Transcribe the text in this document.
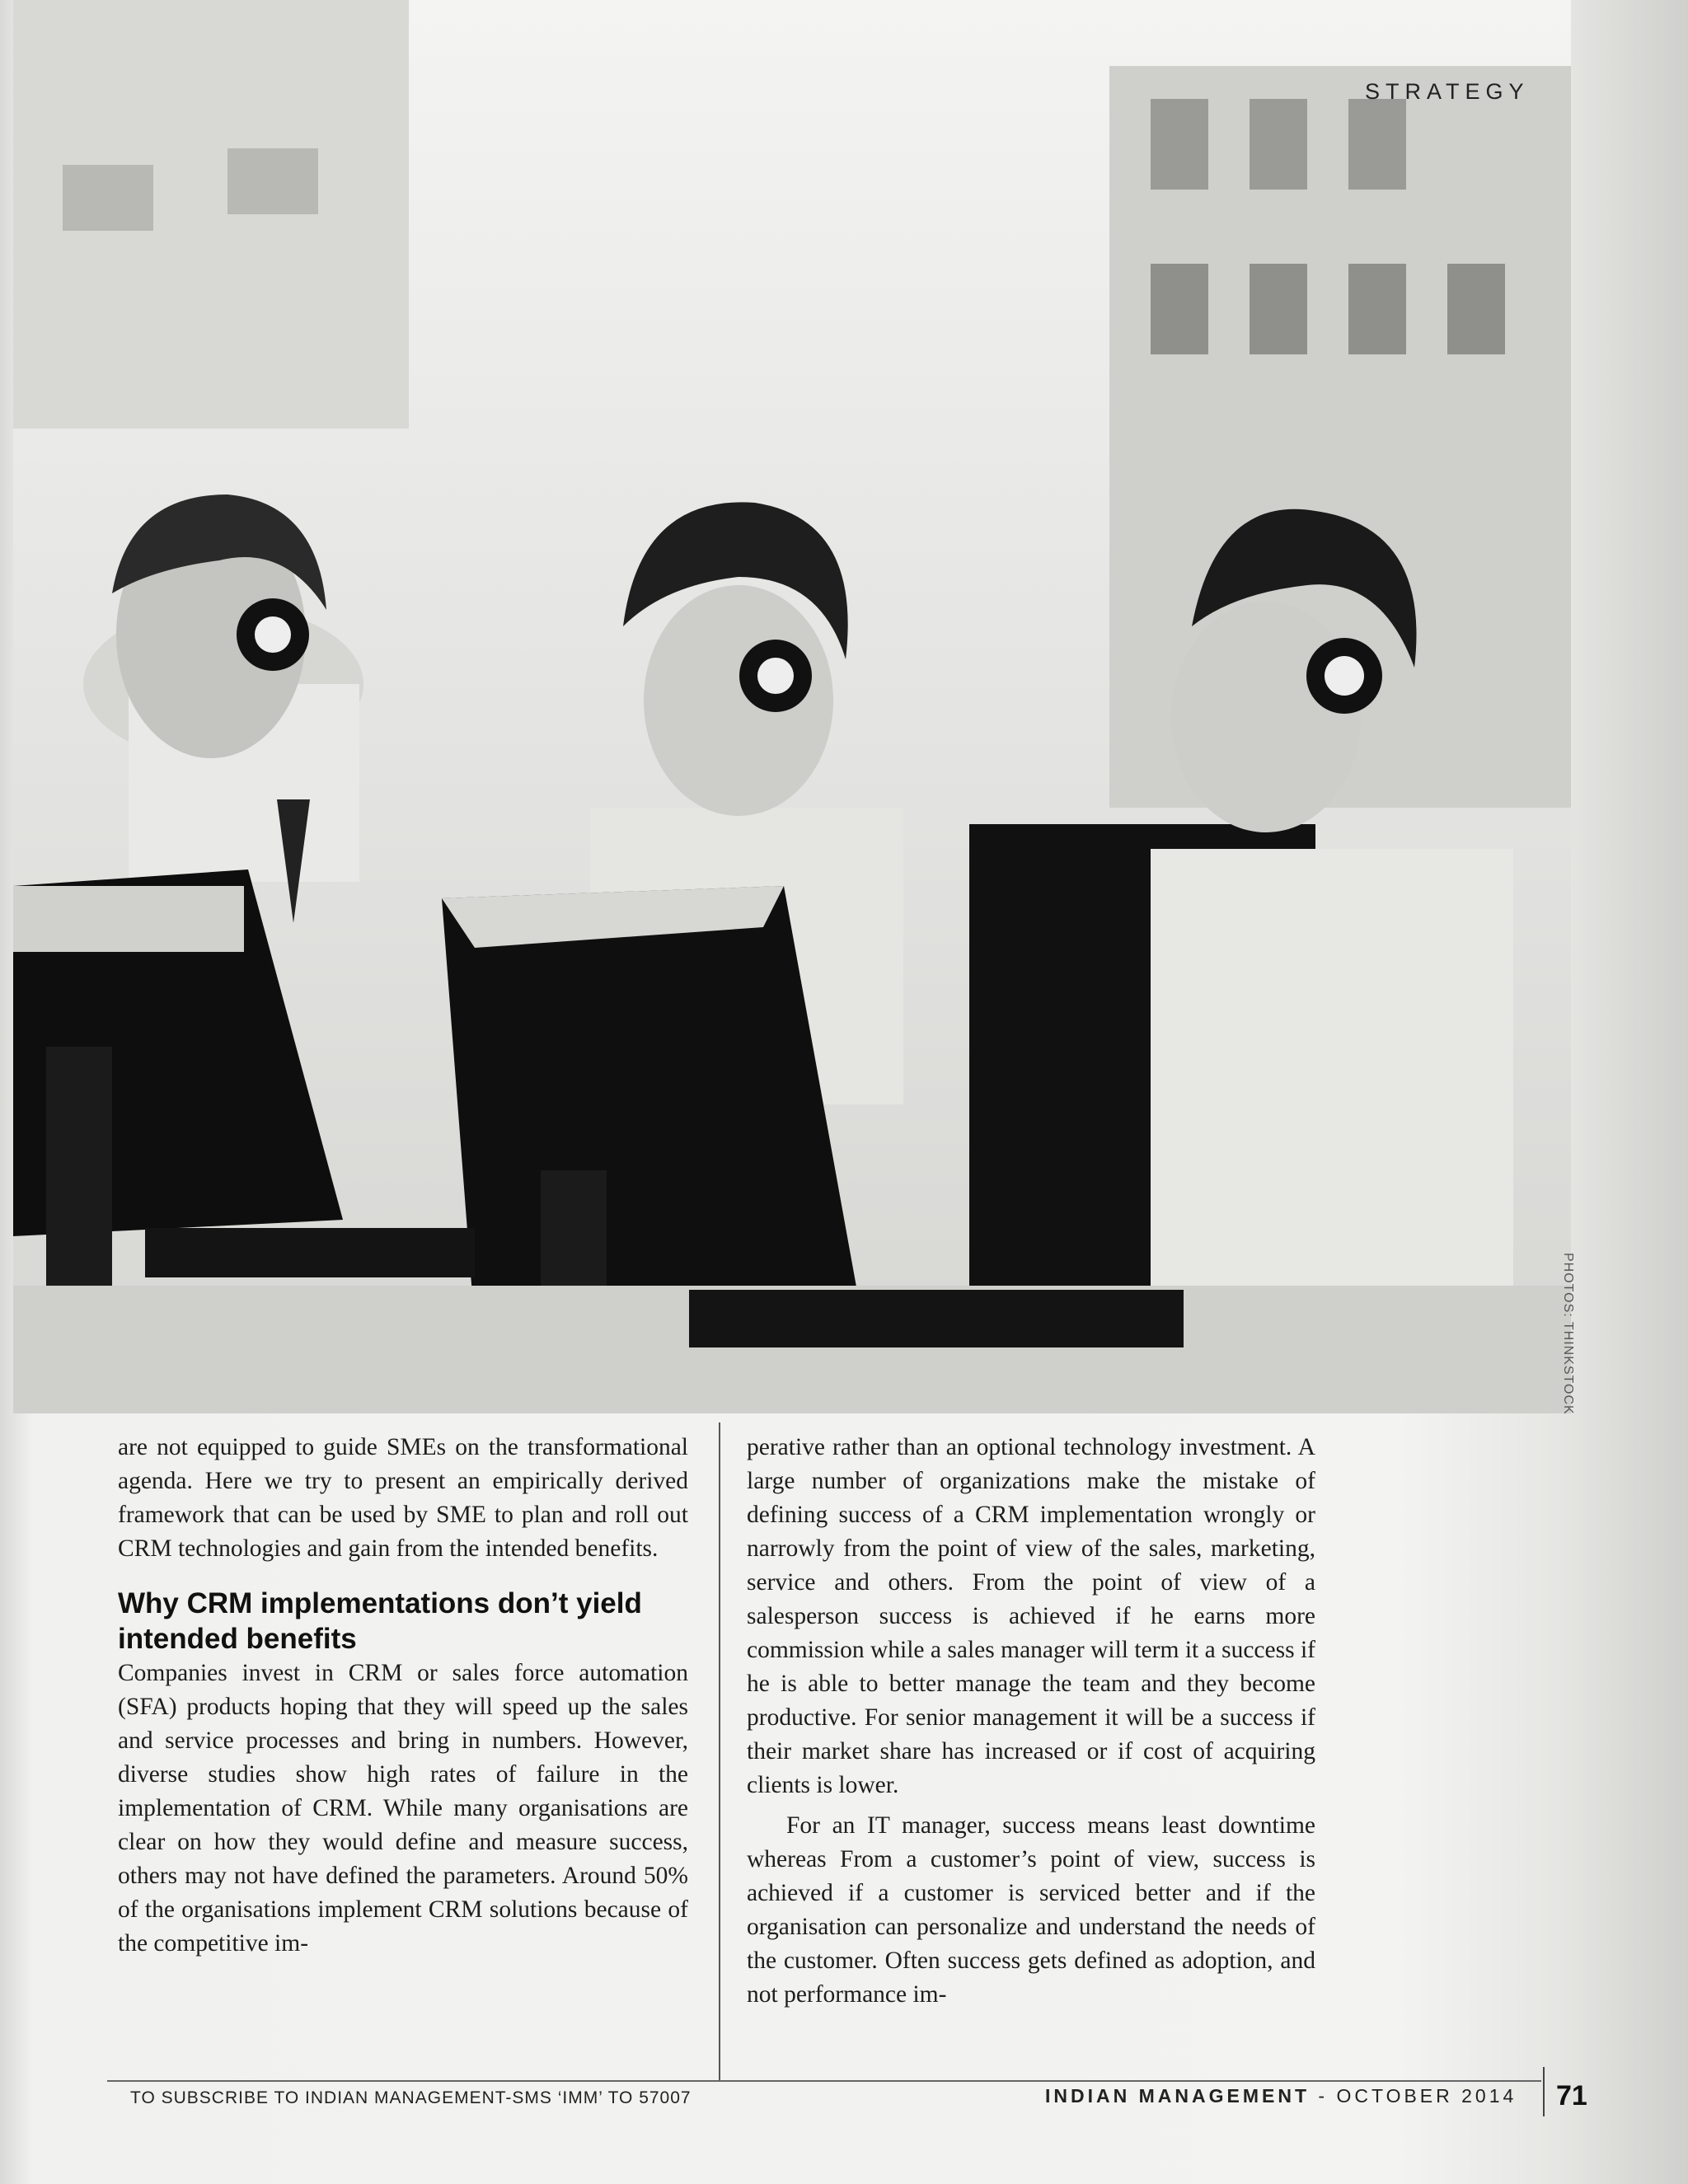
STRATEGY
PHOTOS: THINKSTOCK

are not equipped to guide SMEs on the transformational agenda. Here we try to present an empirically derived framework that can be used by SME to plan and roll out CRM technologies and gain from the intended benefits.

Why CRM implementations don’t yield intended benefits

Companies invest in CRM or sales force automation (SFA) products hoping that they will speed up the sales and service processes and bring in numbers. However, diverse studies show high rates of failure in the implementation of CRM. While many organisations are clear on how they would define and measure success, others may not have defined the parameters. Around 50% of the organisations implement CRM solutions because of the competitive im-

perative rather than an optional technology investment. A large number of organizations make the mistake of defining success of a CRM implementation wrongly or narrowly from the point of view of the sales, marketing, service and others. From the point of view of a salesperson success is achieved if he earns more commission while a sales manager will term it a success if he is able to better manage the team and they become productive. For senior management it will be a success if their market share has increased or if cost of acquiring clients is lower.

For an IT manager, success means least downtime whereas From a customer’s point of view, success is achieved if a customer is serviced better and if the organisation can personalize and understand the needs of the customer. Often success gets defined as adoption, and not performance im-

TO SUBSCRIBE TO INDIAN MANAGEMENT-SMS ‘IMM’ TO 57007	INDIAN MANAGEMENT - OCTOBER 2014 71
